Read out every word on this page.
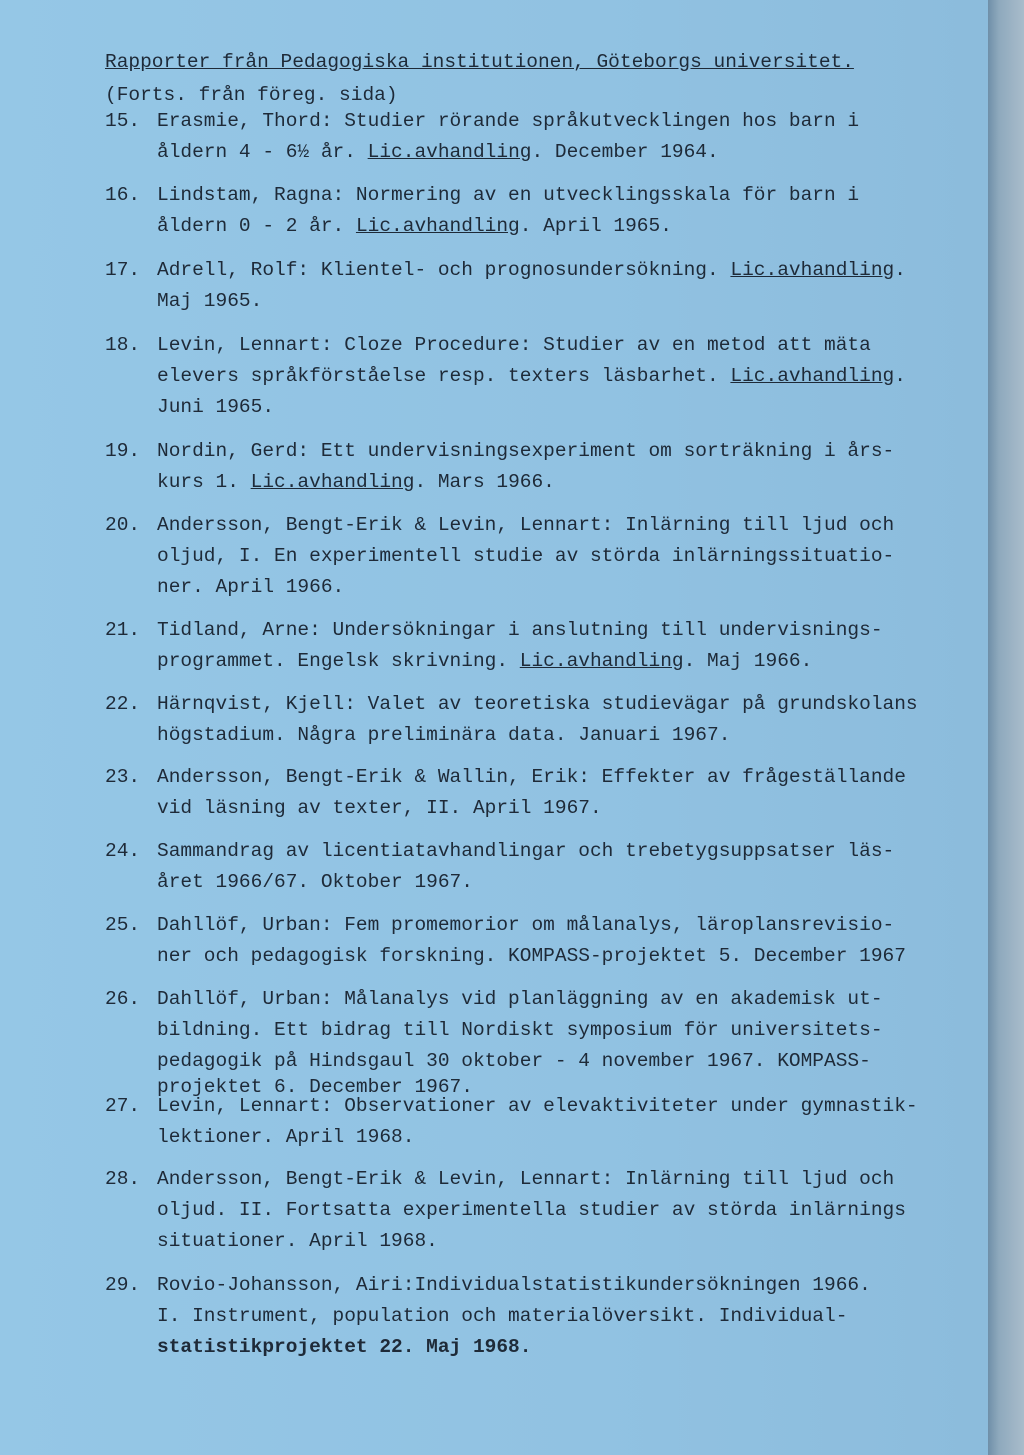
Rapporter från Pedagogiska institutionen, Göteborgs universitet.
(Forts. från föreg. sida)
15. Erasmie, Thord: Studier rörande språkutvecklingen hos barn i
åldern 4 - 6½ år. Lic.avhandling. December 1964.
16. Lindstam, Ragna: Normering av en utvecklingsskala för barn i
åldern 0 - 2 år. Lic.avhandling. April 1965.
17. Adrell, Rolf: Klientel- och prognosundersökning. Lic.avhandling.
Maj 1965.
18. Levin, Lennart: Cloze Procedure: Studier av en metod att mäta
elevers språkförståelse resp. texters läsbarhet. Lic.avhandling.
Juni 1965.
19. Nordin, Gerd: Ett undervisningsexperiment om sorträkning i års-
kurs 1. Lic.avhandling. Mars 1966.
20. Andersson, Bengt-Erik & Levin, Lennart: Inlärning till ljud och
oljud, I. En experimentell studie av störda inlärningssituatio-
ner. April 1966.
21. Tidland, Arne: Undersökningar i anslutning till undervisnings-
programmet. Engelsk skrivning. Lic.avhandling. Maj 1966.
22. Härnqvist, Kjell: Valet av teoretiska studievägar på grundskolans
högstadium. Några preliminära data. Januari 1967.
23. Andersson, Bengt-Erik & Wallin, Erik: Effekter av frågeställande
vid läsning av texter, II. April 1967.
24. Sammandrag av licentiatavhandlingar och trebetygsuppsatser läs-
året 1966/67. Oktober 1967.
25. Dahllöf, Urban: Fem promemorior om målanalys, läroplansrevisio-
ner och pedagogisk forskning. KOMPASS-projektet 5. December 1967
26. Dahllöf, Urban: Målanalys vid planläggning av en akademisk ut-
bildning. Ett bidrag till Nordiskt symposium för universitets-
pedagogik på Hindsgaul 30 oktober - 4 november 1967. KOMPASS-
projektet 6. December 1967.
27. Levin, Lennart: Observationer av elevaktiviteter under gymnastik-
lektioner. April 1968.
28. Andersson, Bengt-Erik & Levin, Lennart: Inlärning till ljud och
oljud. II. Fortsatta experimentella studier av störda inlärnings
situationer. April 1968.
29. Rovio-Johansson, Airi:Individualstatistikundersökningen 1966.
I. Instrument, population och materialöversikt. Individual-
statistikprojektet 22. Maj 1968.
